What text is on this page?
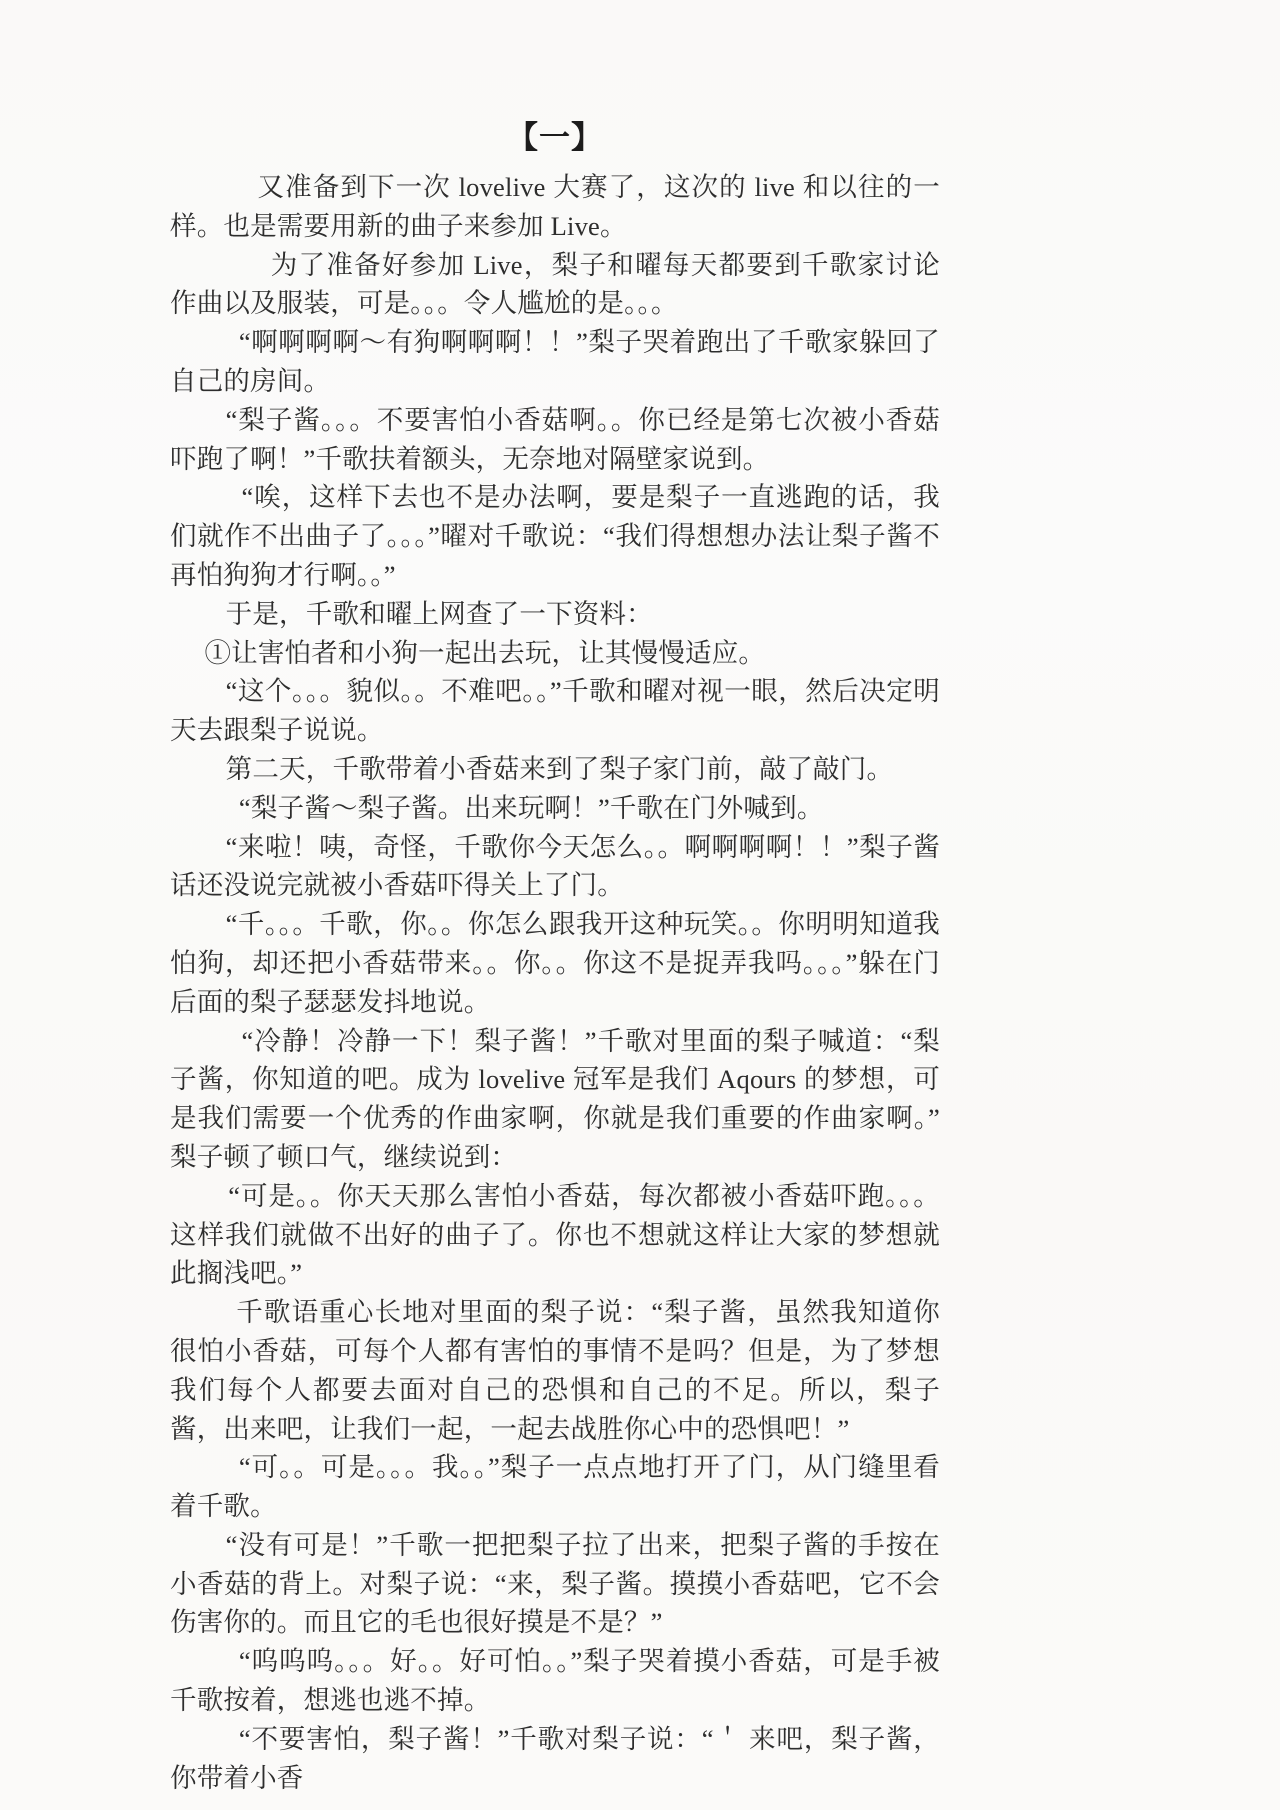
【一】

又准备到下一次 lovelive 大赛了，这次的 live 和以往的一样。也是需要用新的曲子来参加 Live。

为了准备好参加 Live，梨子和曜每天都要到千歌家讨论作曲以及服装，可是。。。令人尴尬的是。。。

“啊啊啊啊～有狗啊啊啊！！”梨子哭着跑出了千歌家躲回了自己的房间。

“梨子酱。。。不要害怕小香菇啊。。你已经是第七次被小香菇吓跑了啊！”千歌扶着额头，无奈地对隔壁家说到。

“唉，这样下去也不是办法啊，要是梨子一直逃跑的话，我们就作不出曲子了。。。”曜对千歌说：“我们得想想办法让梨子酱不再怕狗狗才行啊。。”

于是，千歌和曜上网查了一下资料：

①让害怕者和小狗一起出去玩，让其慢慢适应。

“这个。。。貌似。。不难吧。。”千歌和曜对视一眼，然后决定明天去跟梨子说说。

第二天，千歌带着小香菇来到了梨子家门前，敲了敲门。

“梨子酱～梨子酱。出来玩啊！”千歌在门外喊到。

“来啦！咦，奇怪，千歌你今天怎么。。啊啊啊啊！！”梨子酱话还没说完就被小香菇吓得关上了门。

“千。。。千歌，你。。你怎么跟我开这种玩笑。。你明明知道我怕狗，却还把小香菇带来。。你。。你这不是捉弄我吗。。。”躲在门后面的梨子瑟瑟发抖地说。

“冷静！冷静一下！梨子酱！”千歌对里面的梨子喊道：“梨子酱，你知道的吧。成为 lovelive 冠军是我们 Aqours 的梦想，可是我们需要一个优秀的作曲家啊，你就是我们重要的作曲家啊。”梨子顿了顿口气，继续说到：

“可是。。你天天那么害怕小香菇，每次都被小香菇吓跑。。。这样我们就做不出好的曲子了。你也不想就这样让大家的梦想就此搁浅吧。”

千歌语重心长地对里面的梨子说：“梨子酱，虽然我知道你很怕小香菇，可每个人都有害怕的事情不是吗？但是，为了梦想我们每个人都要去面对自己的恐惧和自己的不足。所以，梨子酱，出来吧，让我们一起，一起去战胜你心中的恐惧吧！”

“可。。可是。。。我。。”梨子一点点地打开了门，从门缝里看着千歌。

“没有可是！”千歌一把把梨子拉了出来，把梨子酱的手按在小香菇的背上。对梨子说：“来，梨子酱。摸摸小香菇吧，它不会伤害你的。而且它的毛也很好摸是不是？”

“呜呜呜。。。好。。好可怕。。”梨子哭着摸小香菇，可是手被千歌按着，想逃也逃不掉。

“不要害怕，梨子酱！”千歌对梨子说：“＇ 来吧，梨子酱，你带着小香
